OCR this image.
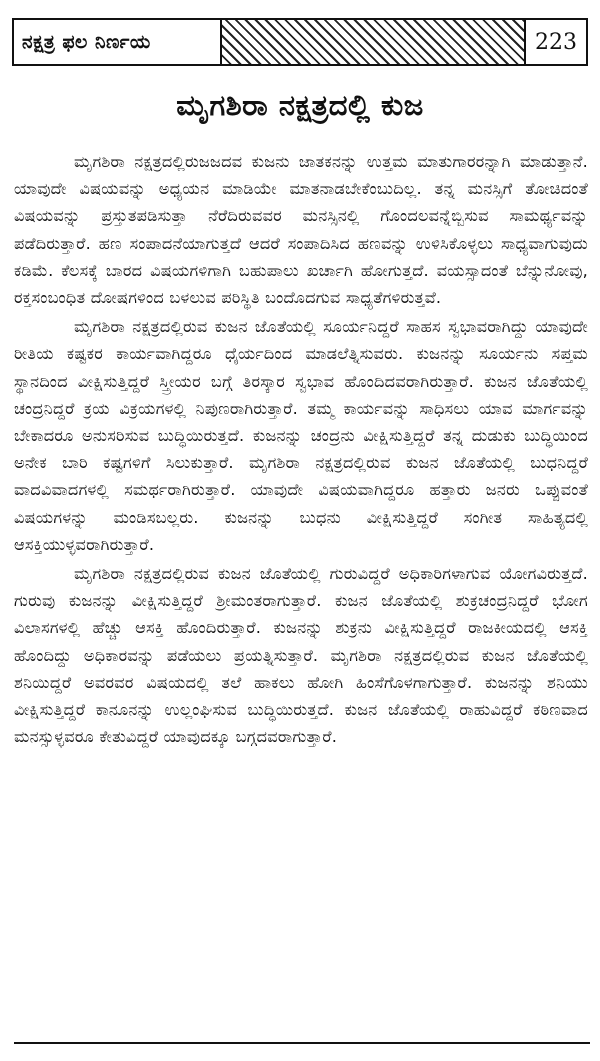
ನಕ್ಷತ್ರ ಫಲ ನಿರ್ಣಯ	223
ಮೃಗಶಿರಾ ನಕ್ಷತ್ರದಲ್ಲಿ ಕುಜ

ಮೃಗಶಿರಾ ನಕ್ಷತ್ರದಲ್ಲಿರುಜಜದವ ಕುಜನು ಜಾತಕನನ್ನು ಉತ್ತಮ ಮಾತುಗಾರರನ್ನಾಗಿ ಮಾಡುತ್ತಾನೆ. ಯಾವುದೇ ವಿಷಯವನ್ನು ಅಧ್ಯಯನ ಮಾಡಿಯೇ ಮಾತನಾಡಬೇಕೆಂಬುದಿಲ್ಲ. ತನ್ನ ಮನಸ್ಸಿಗೆ ತೋಚಿದಂತೆ ವಿಷಯವನ್ನು ಪ್ರಸ್ತುತಪಡಿಸುತ್ತಾ ನೆರೆದಿರುವವರ ಮನಸ್ಸಿನಲ್ಲಿ ಗೊಂದಲವನ್ನೆಬ್ಬಿಸುವ ಸಾಮರ್ಥ್ಯವನ್ನು ಪಡೆದಿರುತ್ತಾರೆ. ಹಣ ಸಂಪಾದನೆಯಾಗುತ್ತದೆ ಆದರೆ ಸಂಪಾದಿಸಿದ ಹಣವನ್ನು ಉಳಿಸಿಕೊಳ್ಳಲು ಸಾಧ್ಯವಾಗುವುದು ಕಡಿಮೆ. ಕೆಲಸಕ್ಕೆ ಬಾರದ ವಿಷಯಗಳಿಗಾಗಿ ಬಹುಪಾಲು ಖರ್ಚಾಗಿ ಹೋಗುತ್ತದೆ. ವಯಸ್ಸಾದಂತೆ ಬೆನ್ನುನೋವು, ರಕ್ತಸಂಬಂಧಿತ ದೋಷಗಳಿಂದ ಬಳಲುವ ಪರಿಸ್ಥಿತಿ ಬಂದೊದಗುವ ಸಾಧ್ಯತೆಗಳಿರುತ್ತವೆ.

ಮೃಗಶಿರಾ ನಕ್ಷತ್ರದಲ್ಲಿರುವ ಕುಜನ ಜೊತೆಯಲ್ಲಿ ಸೂರ್ಯನಿದ್ದರೆ ಸಾಹಸ ಸ್ವಭಾವರಾಗಿದ್ದು ಯಾವುದೇ ರೀತಿಯ ಕಷ್ಟಕರ ಕಾರ್ಯವಾಗಿದ್ದರೂ ಧೈರ್ಯದಿಂದ ಮಾಡಲೆತ್ನಿಸುವರು. ಕುಜನನ್ನು ಸೂರ್ಯನು ಸಪ್ತಮ ಸ್ಥಾನದಿಂದ ವೀಕ್ಷಿಸುತ್ತಿದ್ದರೆ ಸ್ತ್ರೀಯರ ಬಗ್ಗೆ ತಿರಸ್ಕಾರ ಸ್ವಭಾವ ಹೊಂದಿದವರಾಗಿರುತ್ತಾರೆ. ಕುಜನ ಜೊತೆಯಲ್ಲಿ ಚಂದ್ರನಿದ್ದರೆ ಕ್ರಯ ವಿಕ್ರಯಗಳಲ್ಲಿ ನಿಪುಣರಾಗಿರುತ್ತಾರೆ. ತಮ್ಮ ಕಾರ್ಯವನ್ನು ಸಾಧಿಸಲು ಯಾವ ಮಾರ್ಗವನ್ನು ಬೇಕಾದರೂ ಅನುಸರಿಸುವ ಬುದ್ಧಿಯಿರುತ್ತದೆ. ಕುಜನನ್ನು ಚಂದ್ರನು ವೀಕ್ಷಿಸುತ್ತಿದ್ದರೆ ತನ್ನ ದುಡುಕು ಬುದ್ಧಿಯಿಂದ ಅನೇಕ ಬಾರಿ ಕಷ್ಟಗಳಿಗೆ ಸಿಲುಕುತ್ತಾರೆ. ಮೃಗಶಿರಾ ನಕ್ಷತ್ರದಲ್ಲಿರುವ ಕುಜನ ಜೊತೆಯಲ್ಲಿ ಬುಧನಿದ್ದರೆ ವಾದವಿವಾದಗಳಲ್ಲಿ ಸಮರ್ಥರಾಗಿರುತ್ತಾರೆ. ಯಾವುದೇ ವಿಷಯವಾಗಿದ್ದರೂ ಹತ್ತಾರು ಜನರು ಒಪ್ಪುವಂತೆ ವಿಷಯಗಳನ್ನು ಮಂಡಿಸಬಲ್ಲರು. ಕುಜನನ್ನು ಬುಧನು ವೀಕ್ಷಿಸುತ್ತಿದ್ದರೆ ಸಂಗೀತ ಸಾಹಿತ್ಯದಲ್ಲಿ ಆಸಕ್ತಿಯುಳ್ಳವರಾಗಿರುತ್ತಾರೆ.

ಮೃಗಶಿರಾ ನಕ್ಷತ್ರದಲ್ಲಿರುವ ಕುಜನ ಜೊತೆಯಲ್ಲಿ ಗುರುವಿದ್ದರೆ ಅಧಿಕಾರಿಗಳಾಗುವ ಯೋಗವಿರುತ್ತದೆ. ಗುರುವು ಕುಜನನ್ನು ವೀಕ್ಷಿಸುತ್ತಿದ್ದರೆ ಶ್ರೀಮಂತರಾಗುತ್ತಾರೆ. ಕುಜನ ಜೊತೆಯಲ್ಲಿ ಶುಕ್ರಚಂದ್ರನಿದ್ದರೆ ಭೋಗ ವಿಲಾಸಗಳಲ್ಲಿ ಹೆಚ್ಚು ಆಸಕ್ತಿ ಹೊಂದಿರುತ್ತಾರೆ. ಕುಜನನ್ನು ಶುಕ್ರನು ವೀಕ್ಷಿಸುತ್ತಿದ್ದರೆ ರಾಜಕೀಯದಲ್ಲಿ ಆಸಕ್ತಿ ಹೊಂದಿದ್ದು ಅಧಿಕಾರವನ್ನು ಪಡೆಯಲು ಪ್ರಯತ್ನಿಸುತ್ತಾರೆ. ಮೃಗಶಿರಾ ನಕ್ಷತ್ರದಲ್ಲಿರುವ ಕುಜನ ಜೊತೆಯಲ್ಲಿ ಶನಿಯಿದ್ದರೆ ಅವರವರ ವಿಷಯದಲ್ಲಿ ತಲೆ ಹಾಕಲು ಹೋಗಿ ಹಿಂಸೆಗೊಳಗಾಗುತ್ತಾರೆ. ಕುಜನನ್ನು ಶನಿಯು ವೀಕ್ಷಿಸುತ್ತಿದ್ದರೆ ಕಾನೂನನ್ನು ಉಲ್ಲಂಘಿಸುವ ಬುದ್ಧಿಯಿರುತ್ತದೆ. ಕುಜನ ಜೊತೆಯಲ್ಲಿ ರಾಹುವಿದ್ದರೆ ಕಠಿಣವಾದ ಮನಸ್ಸುಳ್ಳವರೂ ಕೇತುವಿದ್ದರೆ ಯಾವುದಕ್ಕೂ ಬಗ್ಗದವರಾಗುತ್ತಾರೆ.
